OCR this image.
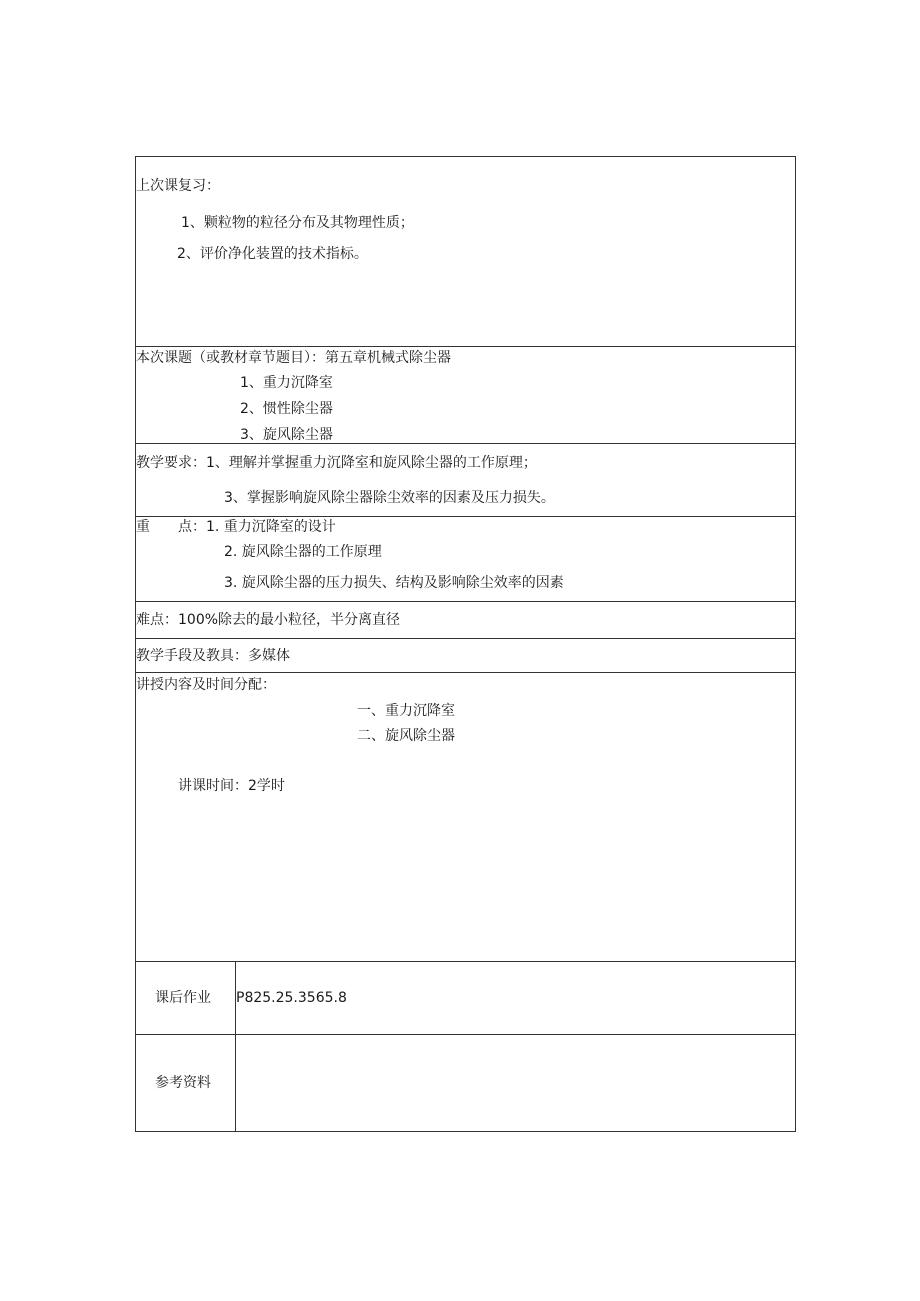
上次课复习：
1、颗粒物的粒径分布及其物理性质；
2、评价净化装置的技术指标。
本次课题（或教材章节题目）：第五章机械式除尘器
1、重力沉降室
2、惯性除尘器
3、旋风除尘器
教学要求：1、理解并掌握重力沉降室和旋风除尘器的工作原理；
3、掌握影响旋风除尘器除尘效率的因素及压力损失。
重　　点： 1. 重力沉降室的设计
2. 旋风除尘器的工作原理
3. 旋风除尘器的压力损失、结构及影响除尘效率的因素
难点：100%除去的最小粒径，半分离直径
教学手段及教具：多媒体
讲授内容及时间分配：
一、重力沉降室
二、旋风除尘器
讲课时间：2学时
课后作业 P825.25.3565.8
参考资料
